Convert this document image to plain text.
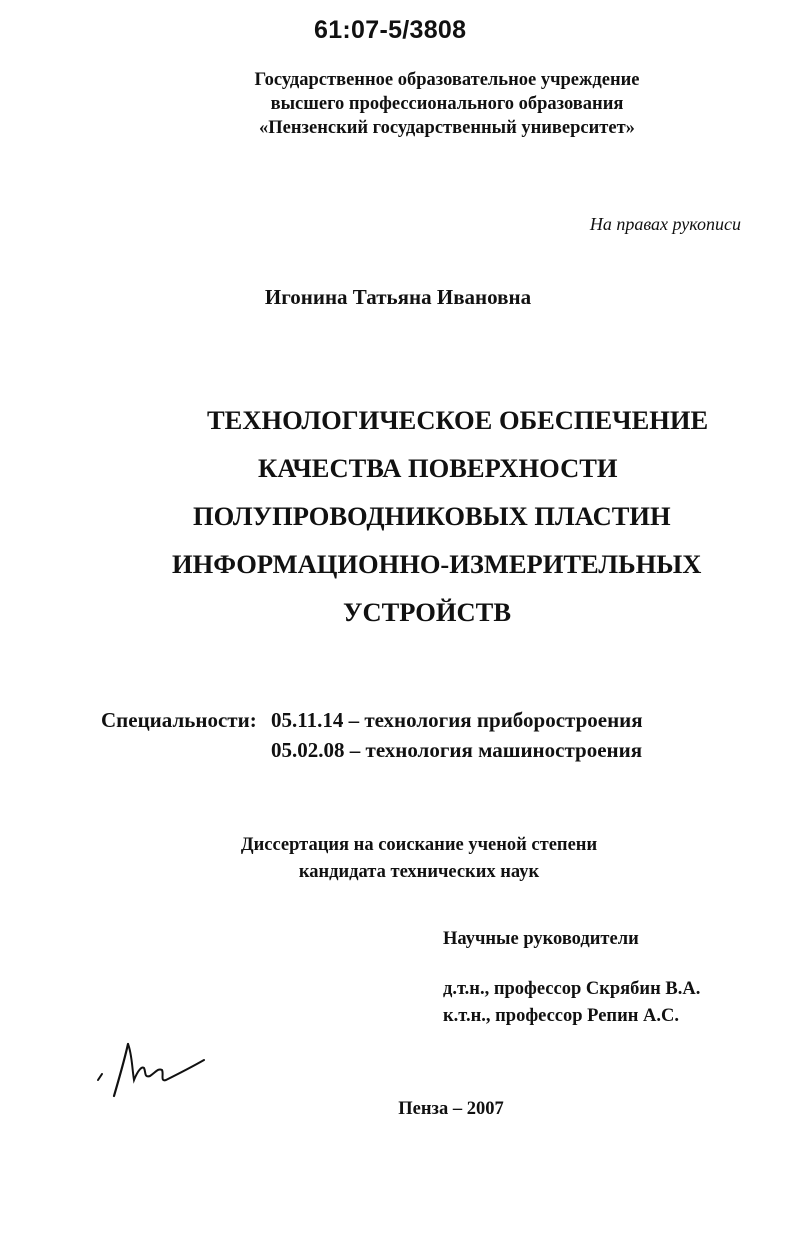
61:07-5/3808
Государственное образовательное учреждение
высшего профессионального образования
«Пензенский государственный университет»
На правах рукописи
Игонина Татьяна Ивановна
ТЕХНОЛОГИЧЕСКОЕ ОБЕСПЕЧЕНИЕ
КАЧЕСТВА ПОВЕРХНОСТИ
ПОЛУПРОВОДНИКОВЫХ ПЛАСТИН
ИНФОРМАЦИОННО-ИЗМЕРИТЕЛЬНЫХ
УСТРОЙСТВ
Специальности: 05.11.14 – технология приборостроения
05.02.08 – технология машиностроения
Диссертация на соискание ученой степени
кандидата технических наук
Научные руководители
д.т.н., профессор Скрябин В.А.
к.т.н., профессор Репин А.С.
Пенза – 2007
